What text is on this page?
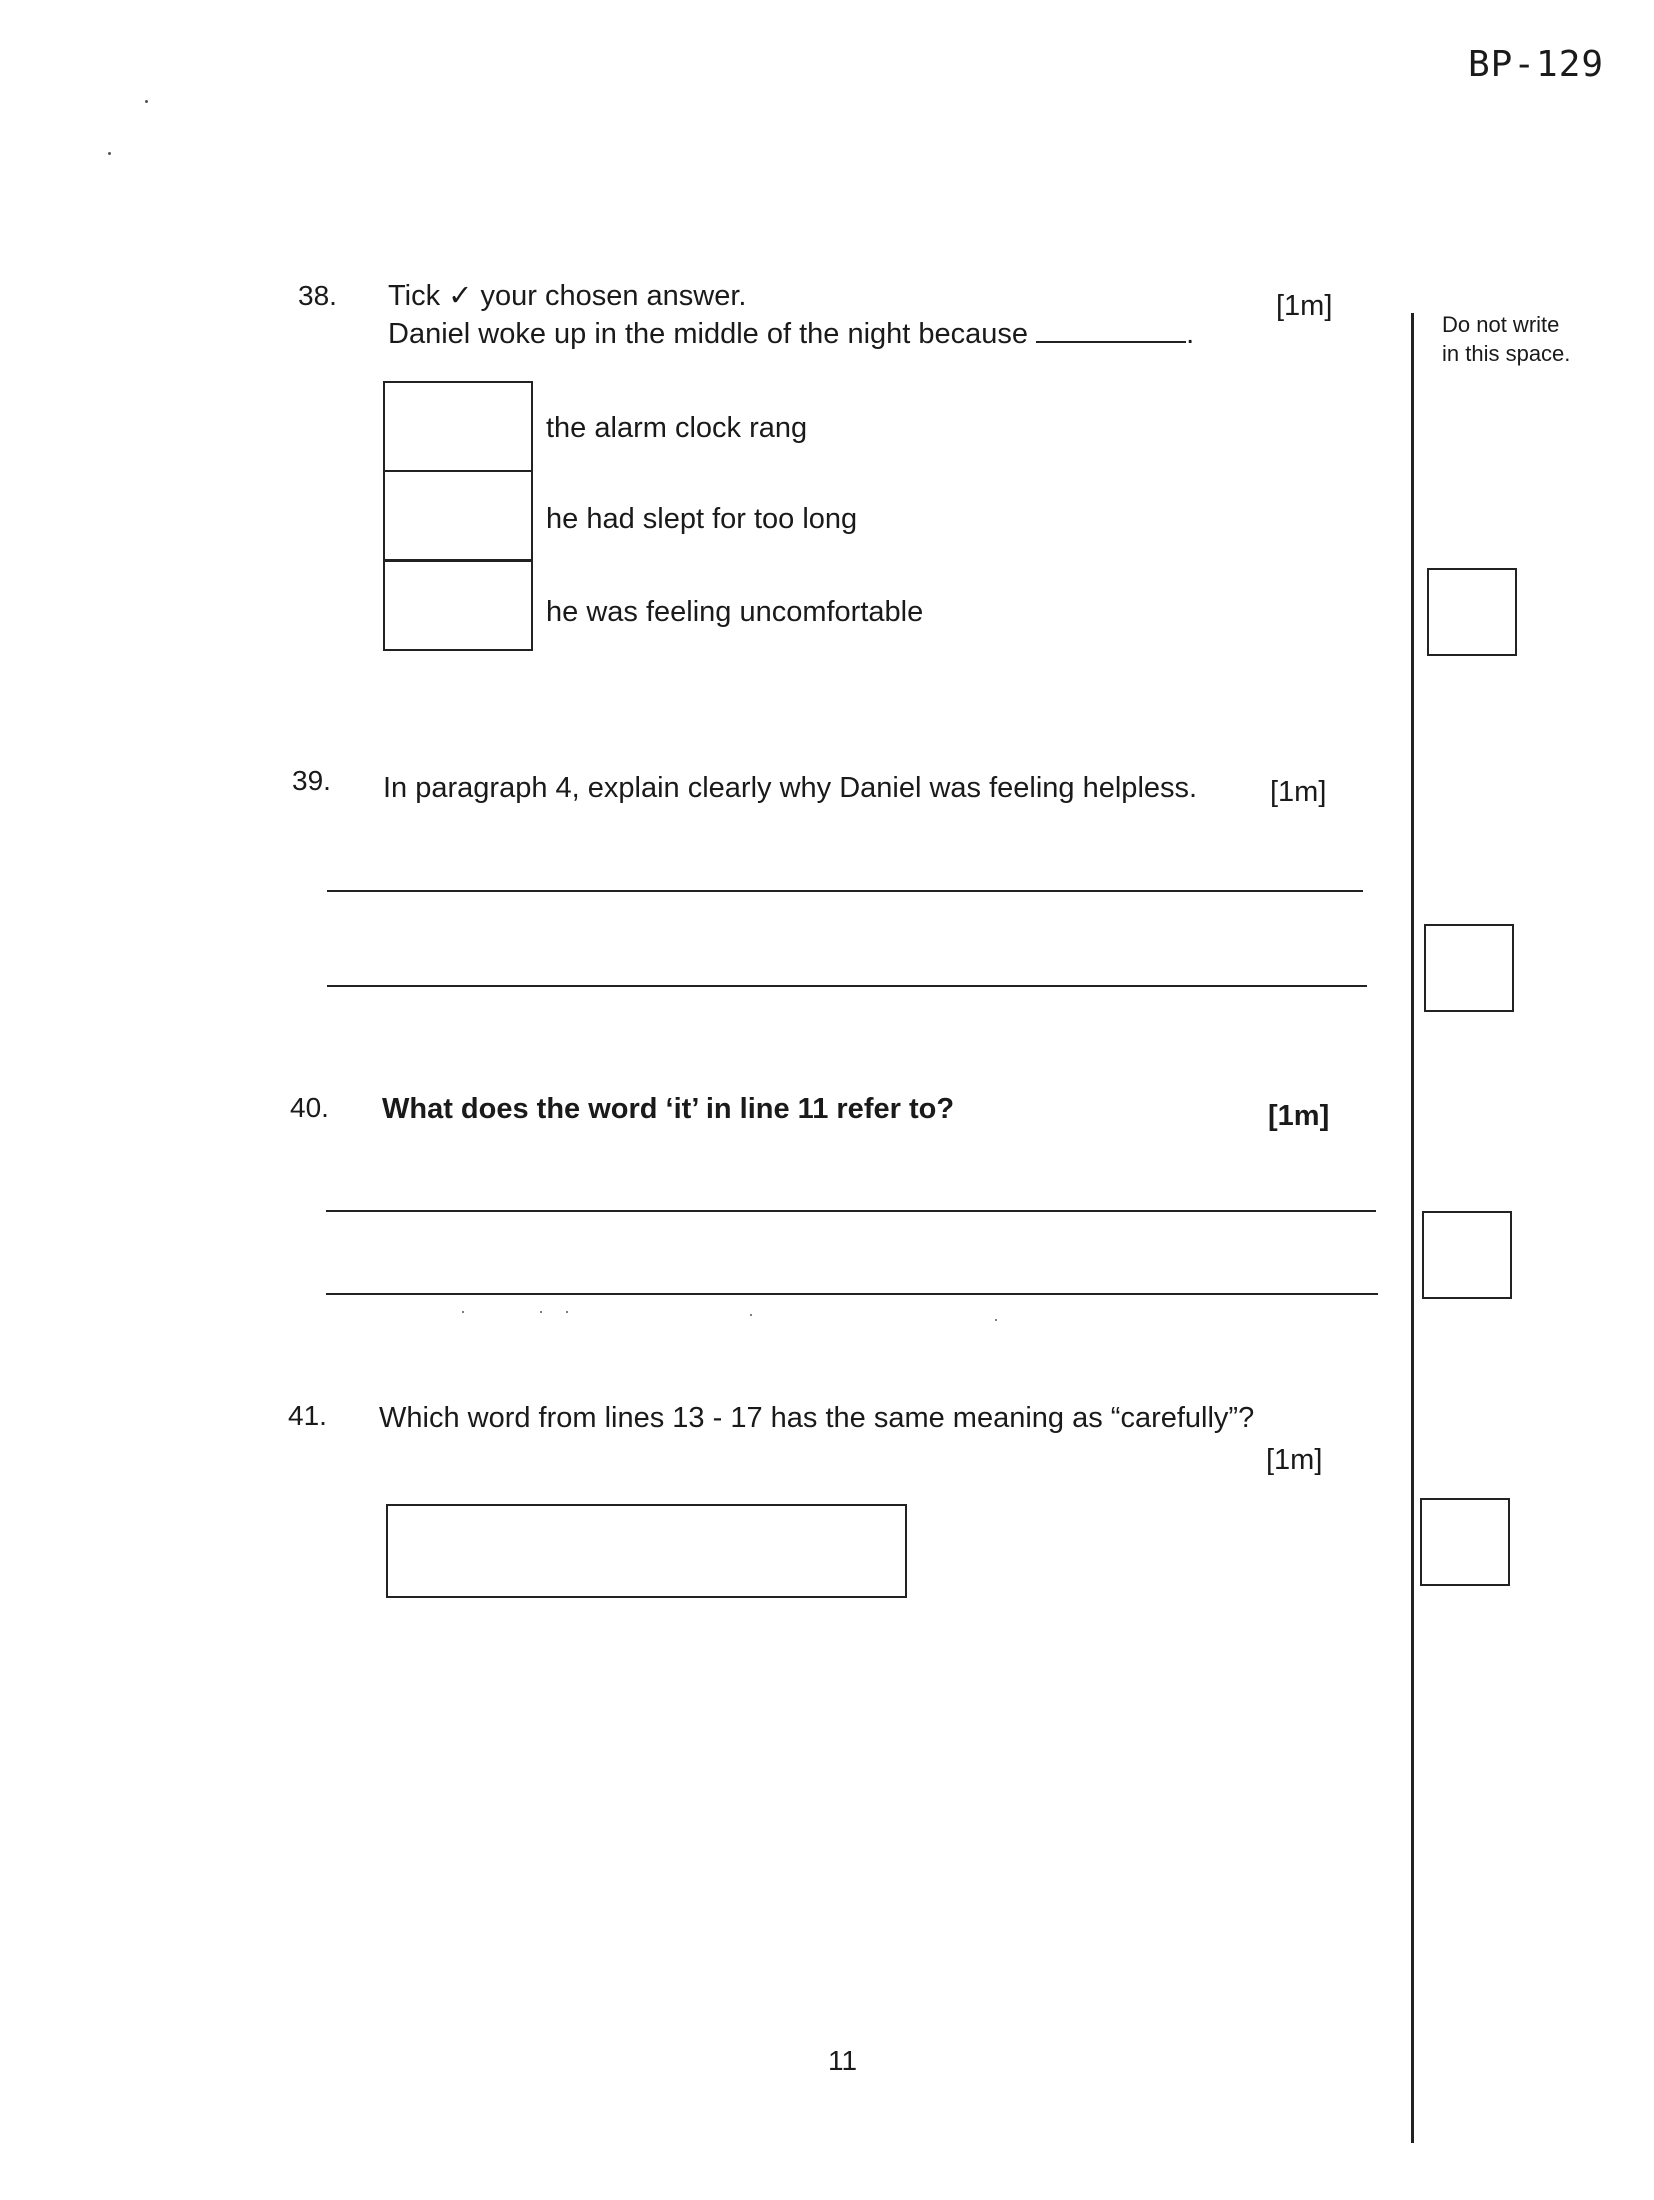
BP-129
Do not write in this space.
38. Tick ✓ your chosen answer.
Daniel woke up in the middle of the night because	.
[1m]
the alarm clock rang
he had slept for too long
he was feeling uncomfortable
39. In paragraph 4, explain clearly why Daniel was feeling helpless.	[1m]
40. What does the word ‘it’ in line 11 refer to?	[1m]
41. Which word from lines 13 - 17 has the same meaning as “carefully”?
[1m]
11
